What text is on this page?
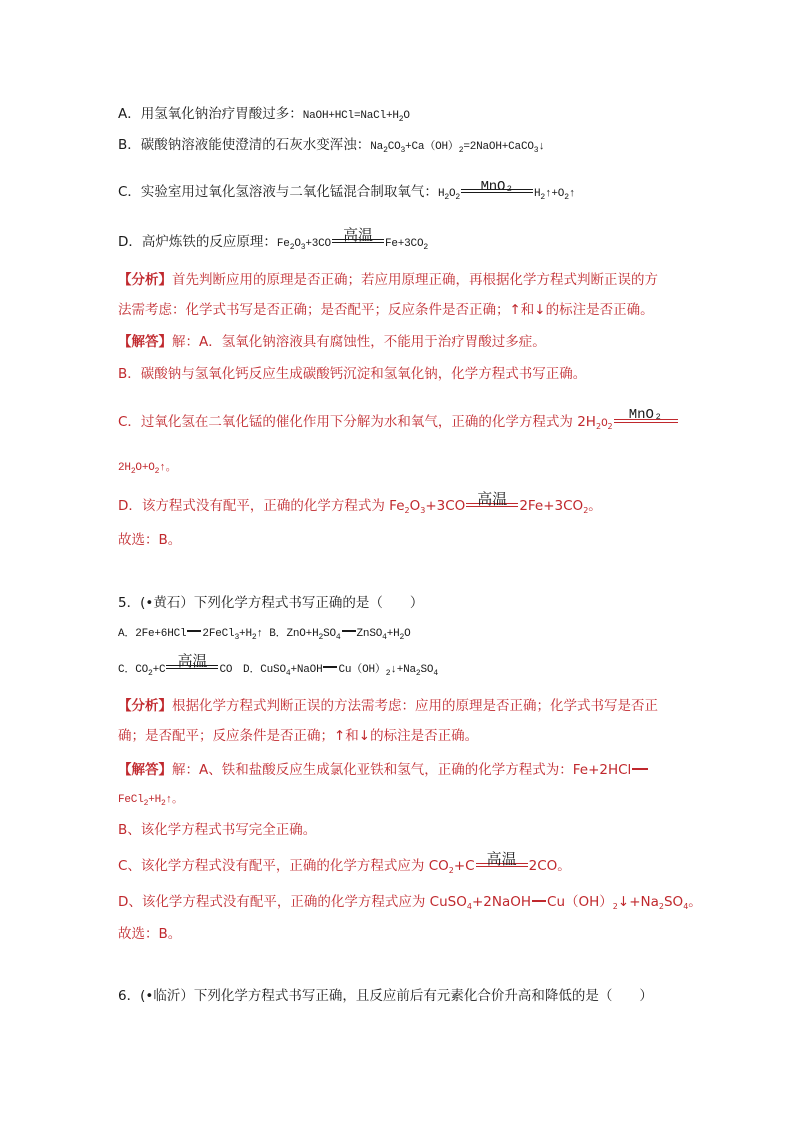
A．用氢氧化钠治疗胃酸过多：$NaOH+HCl=NaCl+H_2O$
B．碳酸钠溶液能使澄清的石灰水变浑浊：$Na_2CO_3+Ca(OH)_2=2NaOH+CaCO_3↓$
C．实验室用过氧化氢溶液与二氧化锰混合制取氧气：$H_2O_2$
MnO₂	$H_2↑+O_2↑$
D．高炉炼铁的反应原理：$Fe_2O_3+3CO$ 高温	$Fe+3CO_2$
【分析】首先判断应用的原理是否正确；若应用原理正确，再根据化学方程式判断正误的方
法需考虑：化学式书写是否正确；是否配平；反应条件是否正确；↑和↓的标注是否正确。
【解答】解：A．氢氧化钠溶液具有腐蚀性，不能用于治疗胃酸过多症。
B．碳酸钠与氢氧化钙反应生成碳酸钙沉淀和氢氧化钠，化学方程式书写正确。
C．过氧化氢在二氧化锰的催化作用下分解为水和氧气，正确的化学方程式为 $2H_2O_2$
MnO₂
$2H_2O+O_2↑$。
D．该方程式没有配平，正确的化学方程式为 $Fe_2O_3+3CO$ 高温 $2Fe+3CO_2$。
故选：B。
5．(•黄石）下列化学方程式书写正确的是（　　）
A．2Fe+6HCl $2FeCl_3+H_2↑$ B．$ZnO+H_2SO_4$ $ZnSO_4+H_2O$
C．$CO_2+C$ 高温	CO　D．CuSO$_4$+NaOH $Cu(OH)_2↓+Na_2SO_4$
【分析】根据化学方程式判断正误的方法需考虑：应用的原理是否正确；化学式书写是否正
确；是否配平；反应条件是否正确；↑和↓的标注是否正确。
【解答】解：A、铁和盐酸反应生成氯化亚铁和氢气，正确的化学方程式为：Fe+2HCl
$FeCl_2+H_2↑$。
B、该化学方程式书写完全正确。
C、该化学方程式没有配平，正确的化学方程式应为 $CO_2+C$ 高温 2CO。
D、该化学方程式没有配平，正确的化学方程式应为 CuSO$_4$+2NaOH $Cu(OH)_2↓+Na_2SO_4$。
故选：B。
6．(•临沂）下列化学方程式书写正确，且反应前后有元素化合价升高和降低的是（　　）
